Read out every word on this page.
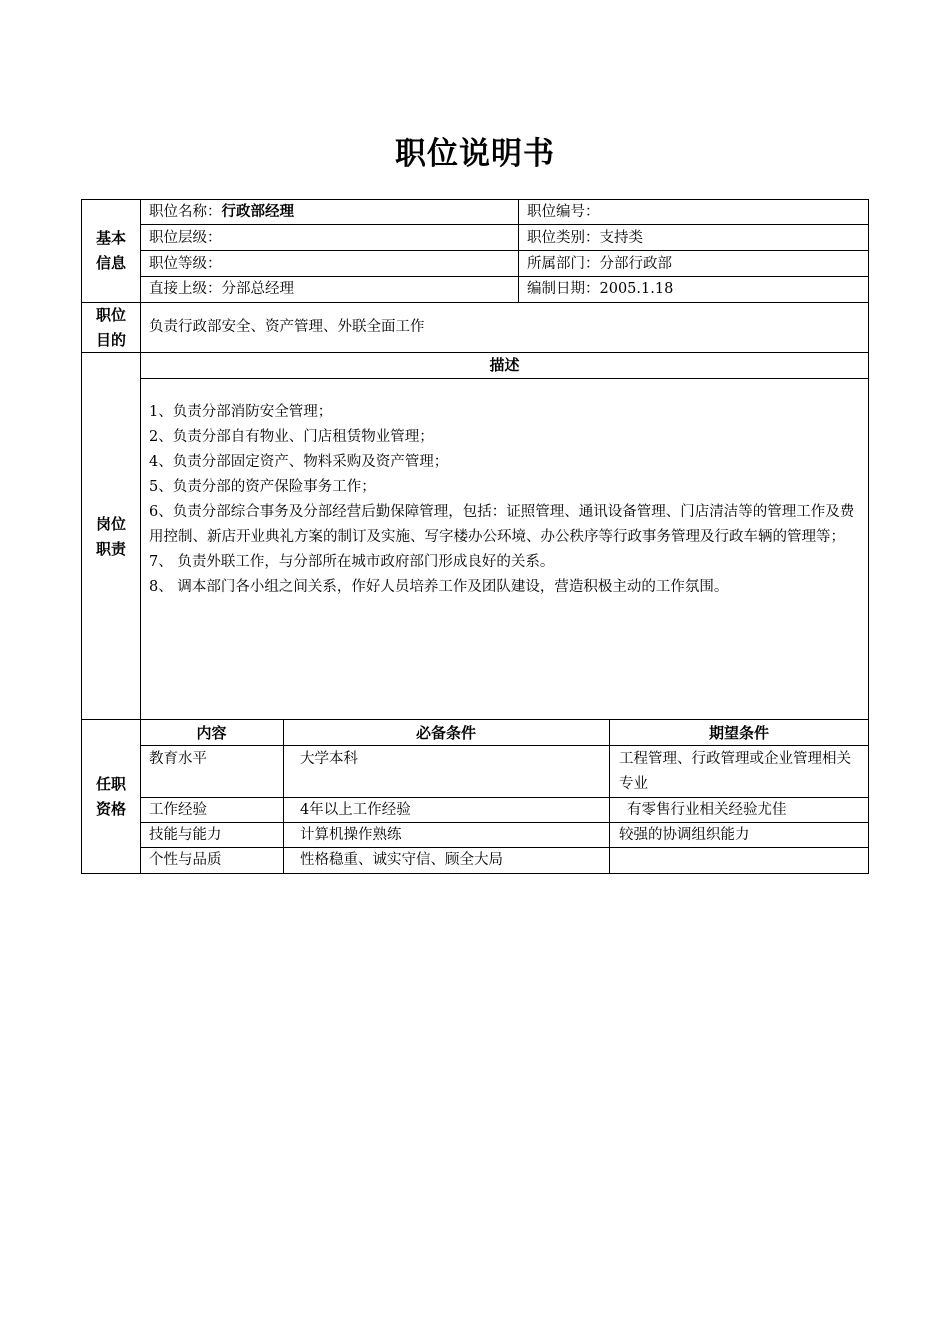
职位说明书
基本
信息
职位名称：行政部经理	职位编号：
职位层级：	职位类别：支持类
职位等级：	所属部门：分部行政部
直接上级：分部总经理	编制日期：2005.1.18
职位
目的
负责行政部安全、资产管理、外联全面工作
岗位
职责
描述
1、负责分部消防安全管理；
2、负责分部自有物业、门店租赁物业管理；
4、负责分部固定资产、物料采购及资产管理；
5、负责分部的资产保险事务工作；
6、负责分部综合事务及分部经营后勤保障管理，包括：证照管理、通讯设备管理、门店清洁等的管理工作及费用控制、新店开业典礼方案的制订及实施、写字楼办公环境、办公秩序等行政事务管理及行政车辆的管理等；
7、 负责外联工作，与分部所在城市政府部门形成良好的关系。
8、 调本部门各小组之间关系，作好人员培养工作及团队建设，营造积极主动的工作氛围。
任职
资格
内容	必备条件	期望条件
教育水平	大学本科	工程管理、行政管理或企业管理相关专业
工作经验	4年以上工作经验	有零售行业相关经验尤佳
技能与能力	计算机操作熟练	较强的协调组织能力
个性与品质	性格稳重、诚实守信、顾全大局
